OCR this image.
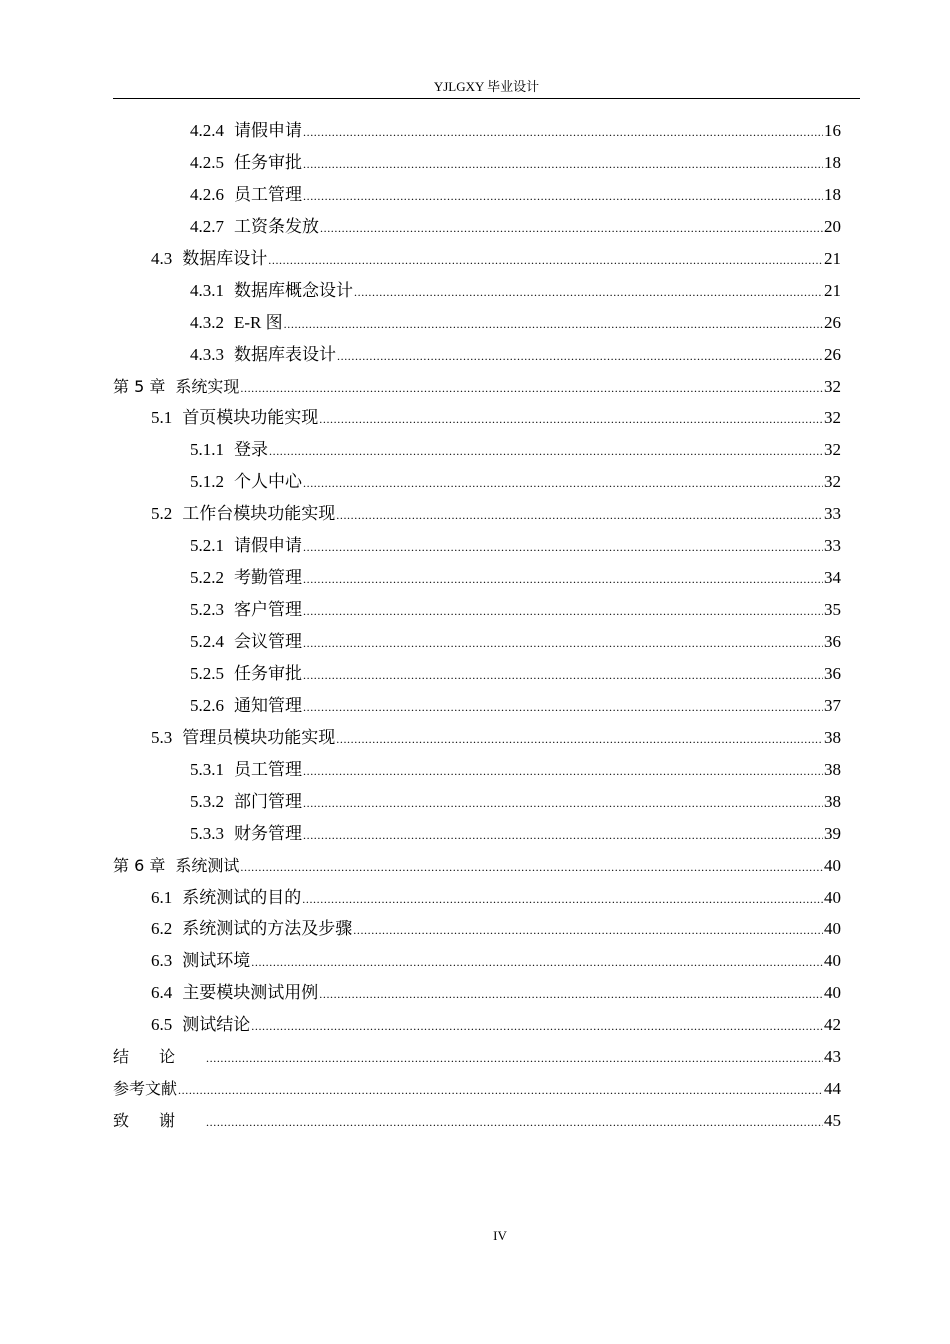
YJLGXY 毕业设计
4.2.4 请假申请 .....	16
4.2.5 任务审批 .....	18
4.2.6 员工管理 .....	18
4.2.7 工资条发放 .....	20
4.3 数据库设计 .....	21
4.3.1 数据库概念设计 .....	21
4.3.2 E-R 图 .....	26
4.3.3 数据库表设计 .....	26
第 5 章 系统实现 .....	32
5.1 首页模块功能实现 .....	32
5.1.1 登录 .....	32
5.1.2 个人中心 .....	32
5.2 工作台模块功能实现 .....	33
5.2.1 请假申请 .....	33
5.2.2 考勤管理 .....	34
5.2.3 客户管理 .....	35
5.2.4 会议管理 .....	36
5.2.5 任务审批 .....	36
5.2.6 通知管理 .....	37
5.3 管理员模块功能实现 .....	38
5.3.1 员工管理 .....	38
5.3.2 部门管理 .....	38
5.3.3 财务管理 .....	39
第 6 章 系统测试 .....	40
6.1 系统测试的目的 .....	40
6.2 系统测试的方法及步骤 .....	40
6.3 测试环境 .....	40
6.4 主要模块测试用例 .....	40
6.5 测试结论 .....	42
结论 .....	43
参考文献 .....	44
致谢 .....	45
IV
